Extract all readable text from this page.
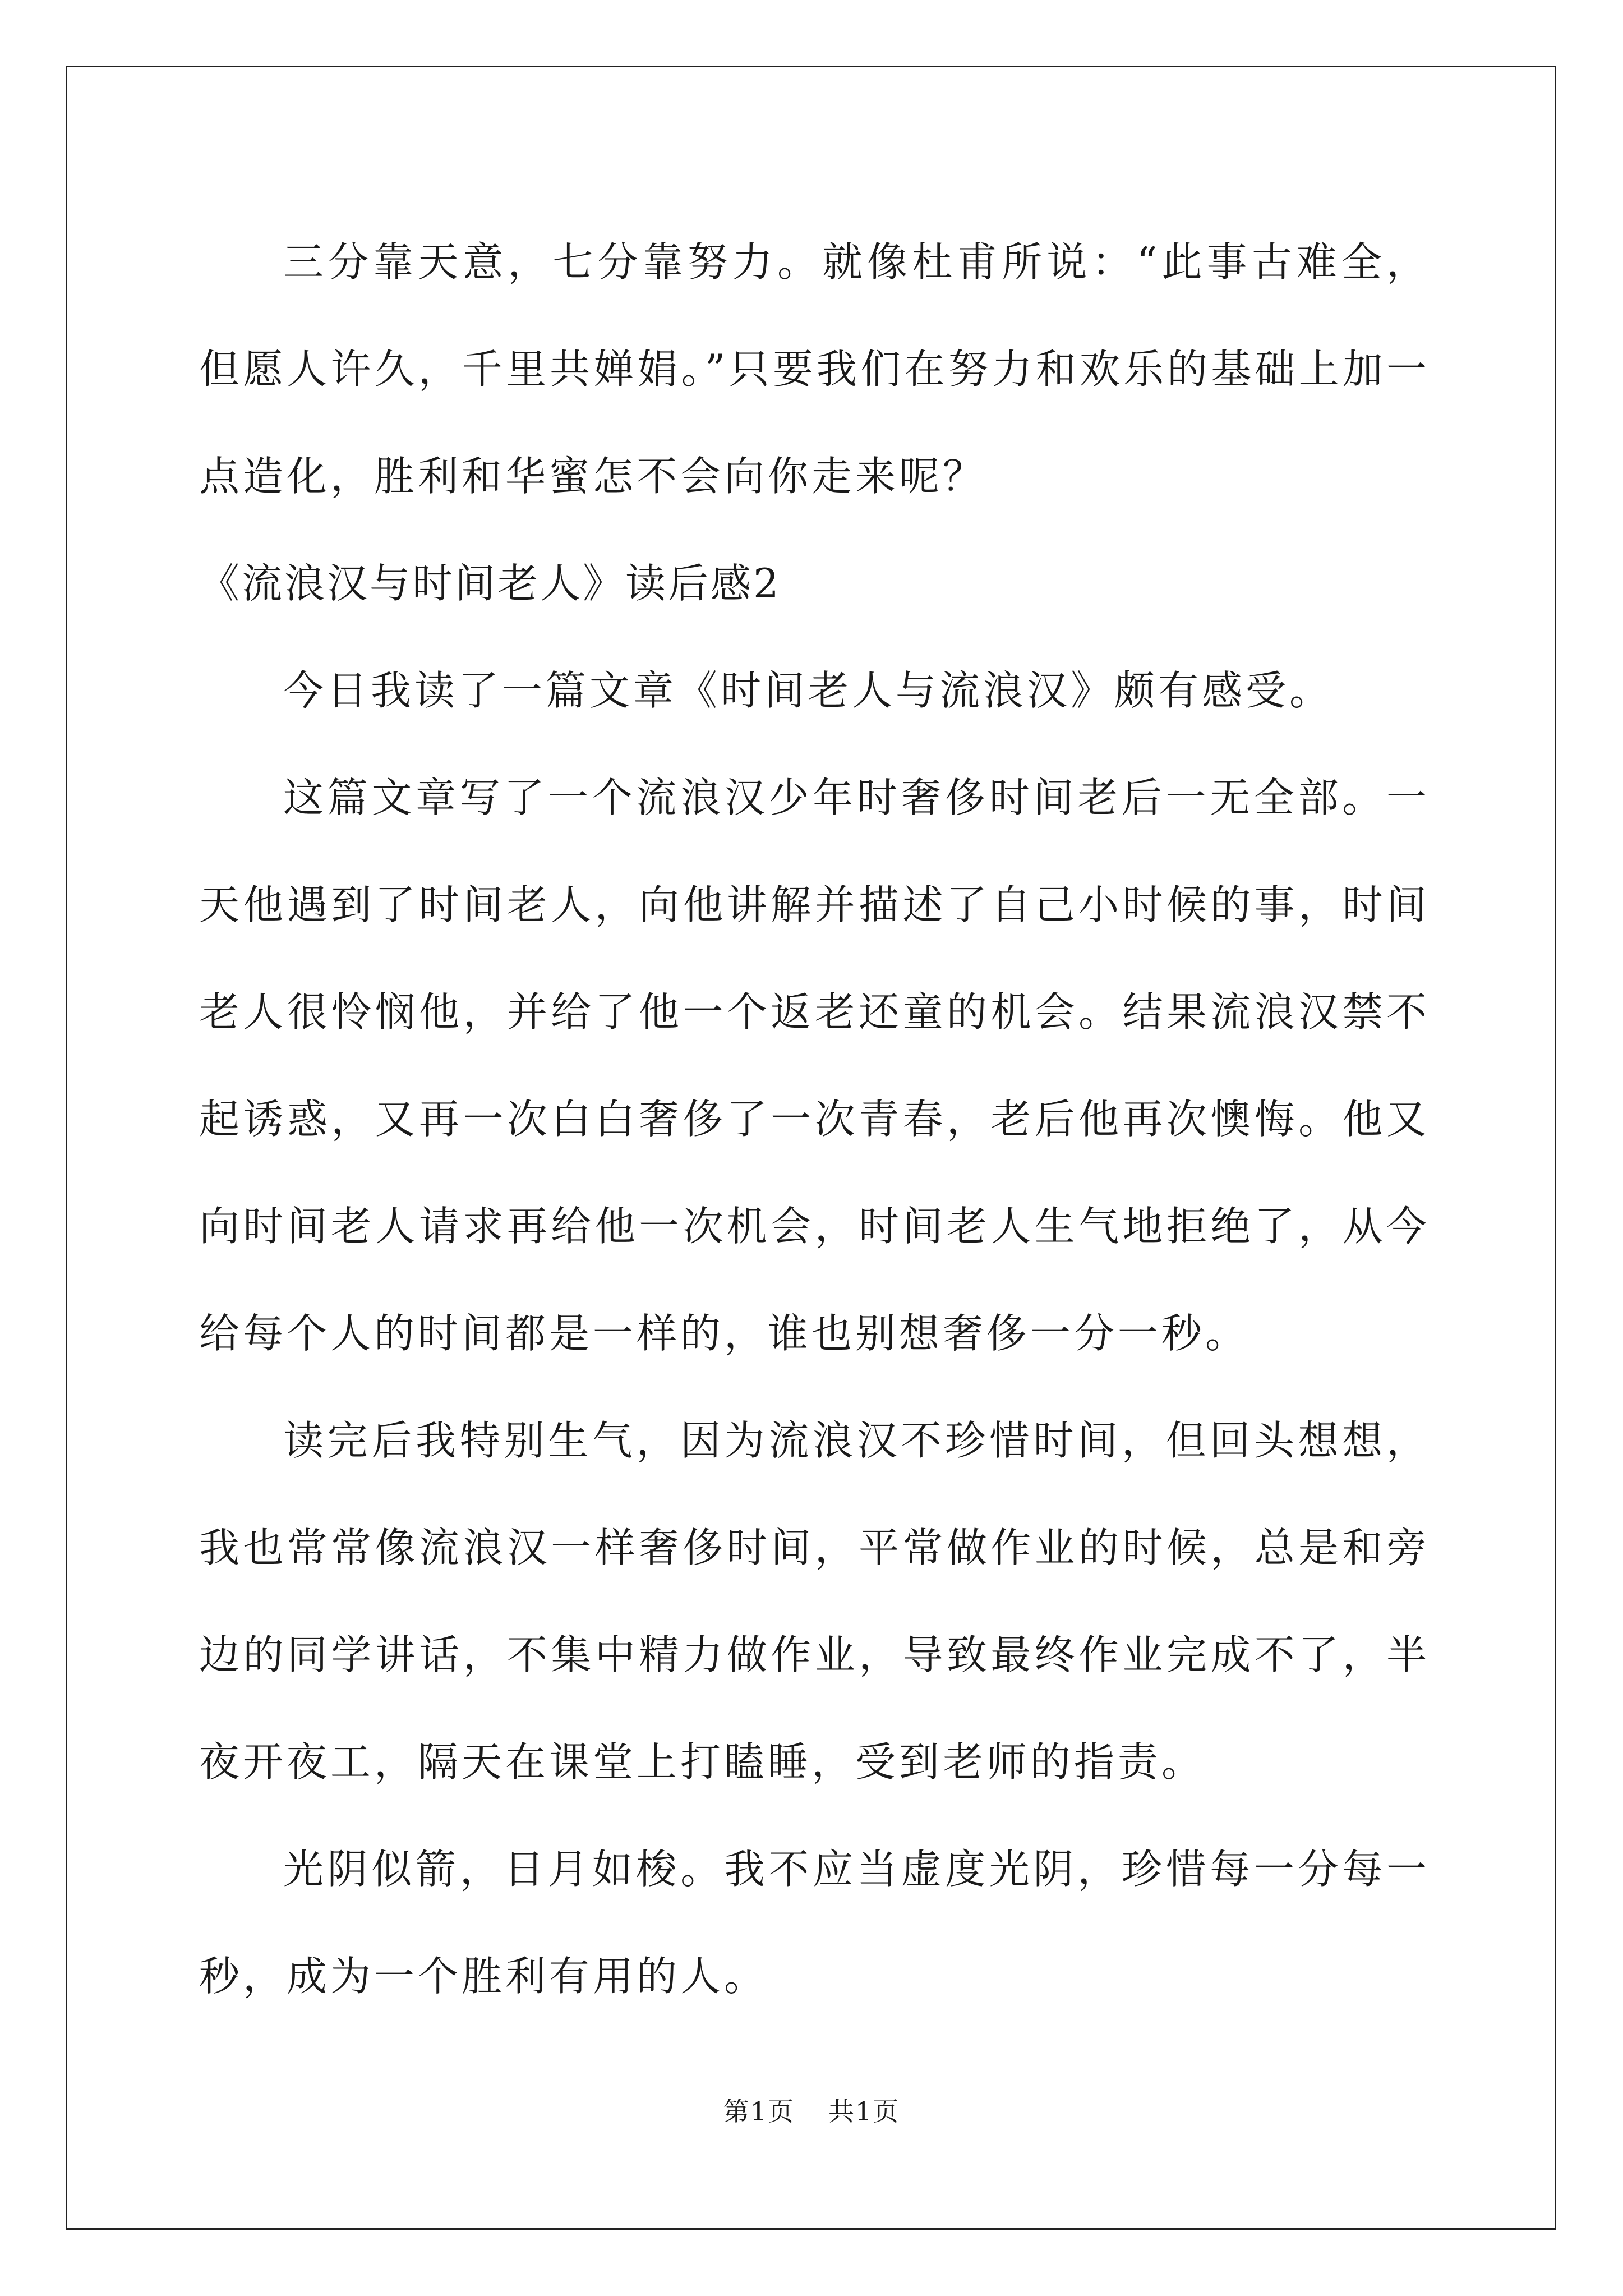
三分靠天意，七分靠努力。就像杜甫所说：“此事古难全，但愿人许久，千里共婵娟。”只要我们在努力和欢乐的基础上加一点造化，胜利和华蜜怎不会向你走来呢？

《流浪汉与时间老人》读后感2

今日我读了一篇文章《时间老人与流浪汉》颇有感受。

这篇文章写了一个流浪汉少年时奢侈时间老后一无全部。一天他遇到了时间老人，向他讲解并描述了自己小时候的事，时间老人很怜悯他，并给了他一个返老还童的机会。结果流浪汉禁不起诱惑，又再一次白白奢侈了一次青春，老后他再次懊悔。他又向时间老人请求再给他一次机会，时间老人生气地拒绝了，从今给每个人的时间都是一样的，谁也别想奢侈一分一秒。

读完后我特别生气，因为流浪汉不珍惜时间，但回头想想，我也常常像流浪汉一样奢侈时间，平常做作业的时候，总是和旁边的同学讲话，不集中精力做作业，导致最终作业完成不了，半夜开夜工，隔天在课堂上打瞌睡，受到老师的指责。

光阴似箭，日月如梭。我不应当虚度光阴，珍惜每一分每一秒，成为一个胜利有用的人。

第1页 共1页
